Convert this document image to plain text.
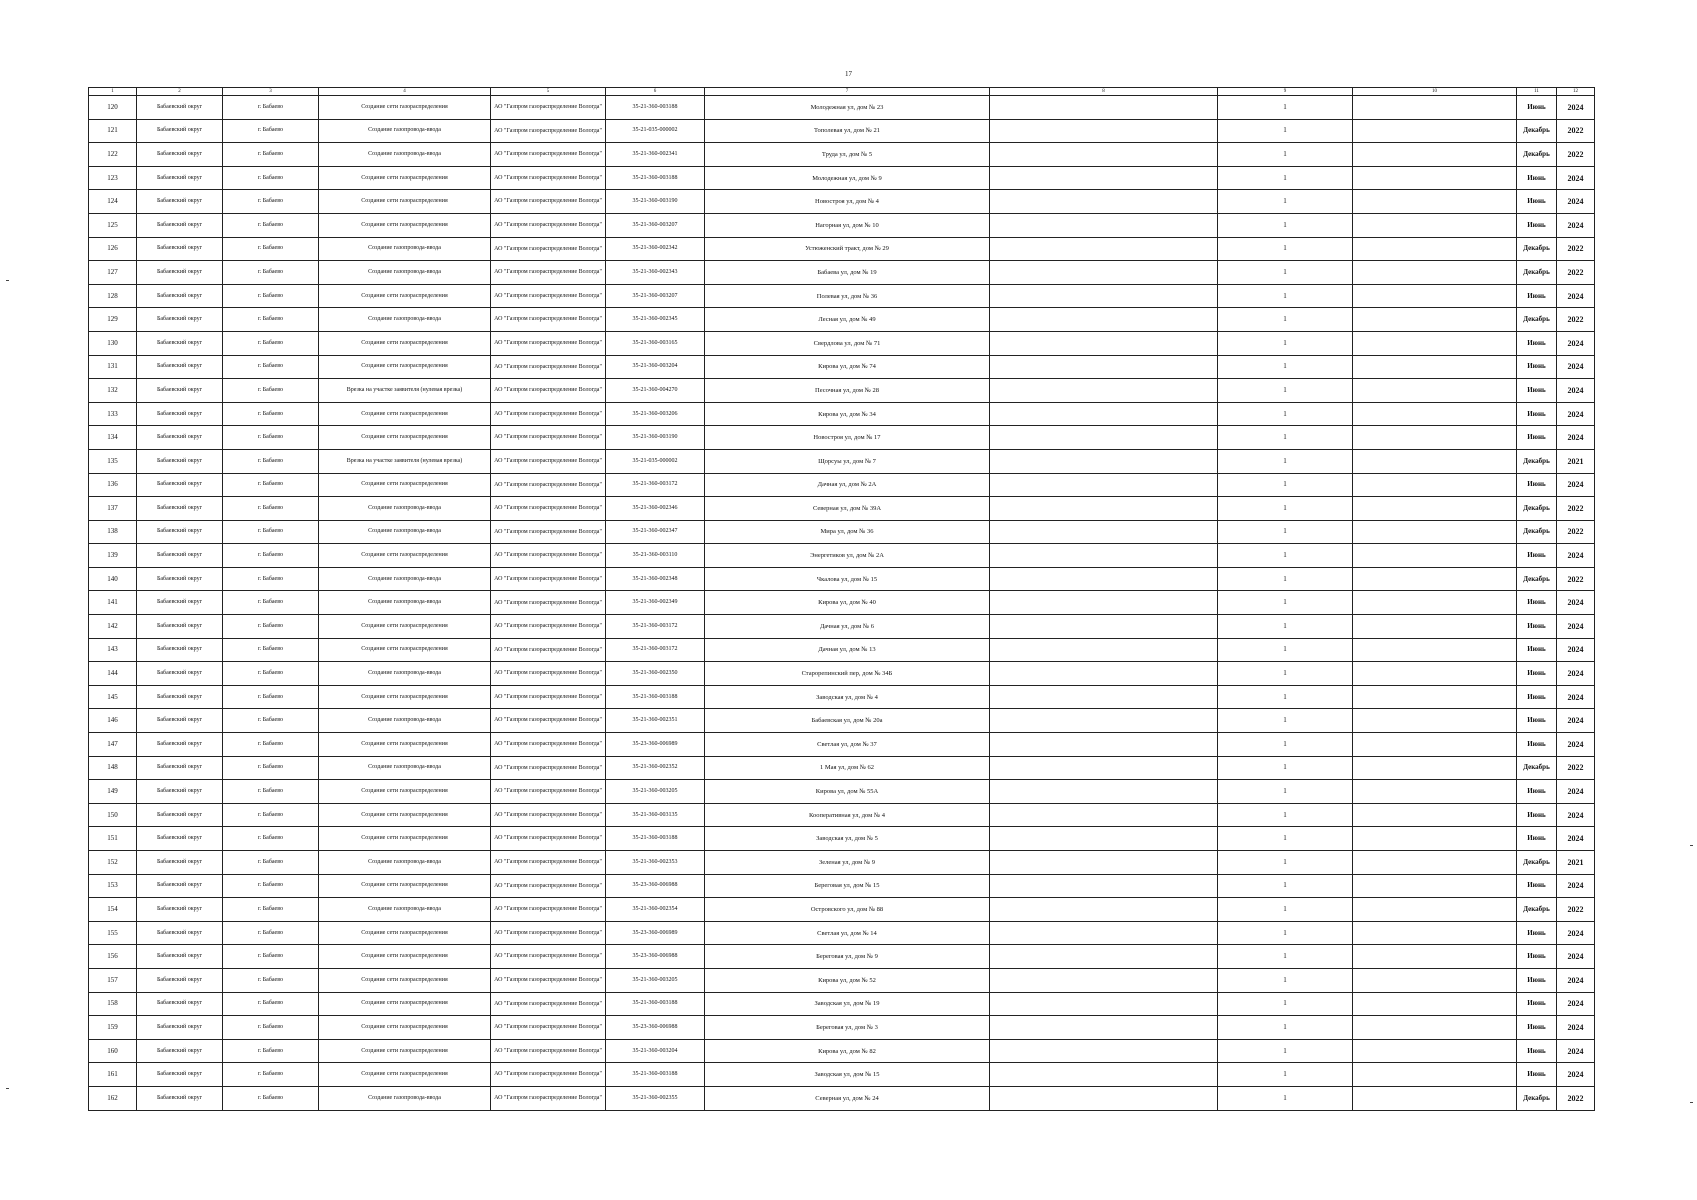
17
1	2	3	4	5	6	7	8	9	10	11	12
120	Бабаевский округ	г. Бабаево	Создание сети газораспределения	АО "Газпром газораспределение Вологда"	35-21-360-003188	Молодежная ул, дом № 23		1		Июнь	2024
121	Бабаевский округ	г. Бабаево	Создание газопровода-ввода	АО "Газпром газораспределение Вологда"	35-21-035-000002	Тополевая ул, дом № 21		1		Декабрь	2022
122	Бабаевский округ	г. Бабаево	Создание газопровода-ввода	АО "Газпром газораспределение Вологда"	35-21-360-002341	Труда ул, дом № 5		1		Декабрь	2022
123	Бабаевский округ	г. Бабаево	Создание сети газораспределения	АО "Газпром газораспределение Вологда"	35-21-360-003188	Молодежная ул, дом № 9		1		Июнь	2024
124	Бабаевский округ	г. Бабаево	Создание сети газораспределения	АО "Газпром газораспределение Вологда"	35-21-360-003190	Новостроя ул, дом № 4		1		Июнь	2024
125	Бабаевский округ	г. Бабаево	Создание сети газораспределения	АО "Газпром газораспределение Вологда"	35-21-360-003207	Нагорная ул, дом № 10		1		Июнь	2024
126	Бабаевский округ	г. Бабаево	Создание газопровода-ввода	АО "Газпром газораспределение Вологда"	35-21-360-002342	Устюженский тракт, дом № 29		1		Декабрь	2022
127	Бабаевский округ	г. Бабаево	Создание газопровода-ввода	АО "Газпром газораспределение Вологда"	35-21-360-002343	Бабаева ул, дом № 19		1		Декабрь	2022
128	Бабаевский округ	г. Бабаево	Создание сети газораспределения	АО "Газпром газораспределение Вологда"	35-21-360-003207	Полевая ул, дом № 36		1		Июнь	2024
129	Бабаевский округ	г. Бабаево	Создание газопровода-ввода	АО "Газпром газораспределение Вологда"	35-21-360-002345	Лесная ул, дом № 49		1		Декабрь	2022
130	Бабаевский округ	г. Бабаево	Создание сети газораспределения	АО "Газпром газораспределение Вологда"	35-21-360-003165	Свердлова ул, дом № 71		1		Июнь	2024
131	Бабаевский округ	г. Бабаево	Создание сети газораспределения	АО "Газпром газораспределение Вологда"	35-21-360-003204	Кирова ул, дом № 74		1		Июнь	2024
132	Бабаевский округ	г. Бабаево	Врезка на участке заявителя (нулевая врезка)	АО "Газпром газораспределение Вологда"	35-21-360-004270	Песочная ул, дом № 28		1		Июнь	2024
133	Бабаевский округ	г. Бабаево	Создание сети газораспределения	АО "Газпром газораспределение Вологда"	35-21-360-003206	Кирова ул, дом № 34		1		Июнь	2024
134	Бабаевский округ	г. Бабаево	Создание сети газораспределения	АО "Газпром газораспределение Вологда"	35-21-360-003190	Новостроя ул, дом № 17		1		Июнь	2024
135	Бабаевский округ	г. Бабаево	Врезка на участке заявителя (нулевая врезка)	АО "Газпром газораспределение Вологда"	35-21-035-000002	Щорсуы ул, дом № 7		1		Декабрь	2021
136	Бабаевский округ	г. Бабаево	Создание сети газораспределения	АО "Газпром газораспределение Вологда"	35-21-360-003172	Дачная ул, дом № 2А		1		Июнь	2024
137	Бабаевский округ	г. Бабаево	Создание газопровода-ввода	АО "Газпром газораспределение Вологда"	35-21-360-002346	Северная ул, дом № 39А		1		Декабрь	2022
138	Бабаевский округ	г. Бабаево	Создание газопровода-ввода	АО "Газпром газораспределение Вологда"	35-21-360-002347	Мира ул, дом № 36		1		Декабрь	2022
139	Бабаевский округ	г. Бабаево	Создание сети газораспределения	АО "Газпром газораспределение Вологда"	35-21-360-003110	Энергетиков ул, дом № 2А		1		Июнь	2024
140	Бабаевский округ	г. Бабаево	Создание газопровода-ввода	АО "Газпром газораспределение Вологда"	35-21-360-002348	Чкалова ул, дом № 15		1		Декабрь	2022
141	Бабаевский округ	г. Бабаево	Создание газопровода-ввода	АО "Газпром газораспределение Вологда"	35-21-360-002349	Кирова ул, дом № 40		1		Июнь	2024
142	Бабаевский округ	г. Бабаево	Создание сети газораспределения	АО "Газпром газораспределение Вологда"	35-21-360-003172	Дачная ул, дом № 6		1		Июнь	2024
143	Бабаевский округ	г. Бабаево	Создание сети газораспределения	АО "Газпром газораспределение Вологда"	35-21-360-003172	Дачная ул, дом № 13		1		Июнь	2024
144	Бабаевский округ	г. Бабаево	Создание газопровода-ввода	АО "Газпром газораспределение Вологда"	35-21-360-002350	Старорепинский пер, дом № 34Б		1		Июнь	2024
145	Бабаевский округ	г. Бабаево	Создание сети газораспределения	АО "Газпром газораспределение Вологда"	35-21-360-003188	Заводская ул, дом № 4		1		Июнь	2024
146	Бабаевский округ	г. Бабаево	Создание газопровода-ввода	АО "Газпром газораспределение Вологда"	35-21-360-002351	Бабаевская ул, дом № 20а		1		Июнь	2024
147	Бабаевский округ	г. Бабаево	Создание сети газораспределения	АО "Газпром газораспределение Вологда"	35-23-360-006989	Светлая ул, дом № 37		1		Июнь	2024
148	Бабаевский округ	г. Бабаево	Создание газопровода-ввода	АО "Газпром газораспределение Вологда"	35-21-360-002352	1 Мая ул, дом № 62		1		Декабрь	2022
149	Бабаевский округ	г. Бабаево	Создание сети газораспределения	АО "Газпром газораспределение Вологда"	35-21-360-003205	Кирова ул, дом № 55А		1		Июнь	2024
150	Бабаевский округ	г. Бабаево	Создание сети газораспределения	АО "Газпром газораспределение Вологда"	35-21-360-003135	Кооперативная ул, дом № 4		1		Июнь	2024
151	Бабаевский округ	г. Бабаево	Создание сети газораспределения	АО "Газпром газораспределение Вологда"	35-21-360-003188	Заводская ул, дом № 5		1		Июнь	2024
152	Бабаевский округ	г. Бабаево	Создание газопровода-ввода	АО "Газпром газораспределение Вологда"	35-21-360-002353	Зеленая ул, дом № 9		1		Декабрь	2021
153	Бабаевский округ	г. Бабаево	Создание сети газораспределения	АО "Газпром газораспределение Вологда"	35-23-360-006988	Береговая ул, дом № 15		1		Июнь	2024
154	Бабаевский округ	г. Бабаево	Создание газопровода-ввода	АО "Газпром газораспределение Вологда"	35-21-360-002354	Островского ул, дом № 88		1		Декабрь	2022
155	Бабаевский округ	г. Бабаево	Создание сети газораспределения	АО "Газпром газораспределение Вологда"	35-23-360-006989	Светлая ул, дом № 14		1		Июнь	2024
156	Бабаевский округ	г. Бабаево	Создание сети газораспределения	АО "Газпром газораспределение Вологда"	35-23-360-006988	Береговая ул, дом № 9		1		Июнь	2024
157	Бабаевский округ	г. Бабаево	Создание сети газораспределения	АО "Газпром газораспределение Вологда"	35-21-360-003205	Кирова ул, дом № 52		1		Июнь	2024
158	Бабаевский округ	г. Бабаево	Создание сети газораспределения	АО "Газпром газораспределение Вологда"	35-21-360-003188	Заводская ул, дом № 19		1		Июнь	2024
159	Бабаевский округ	г. Бабаево	Создание сети газораспределения	АО "Газпром газораспределение Вологда"	35-23-360-006988	Береговая ул, дом № 3		1		Июнь	2024
160	Бабаевский округ	г. Бабаево	Создание сети газораспределения	АО "Газпром газораспределение Вологда"	35-21-360-003204	Кирова ул, дом № 82		1		Июнь	2024
161	Бабаевский округ	г. Бабаево	Создание сети газораспределения	АО "Газпром газораспределение Вологда"	35-21-360-003188	Заводская ул, дом № 15		1		Июнь	2024
162	Бабаевский округ	г. Бабаево	Создание газопровода-ввода	АО "Газпром газораспределение Вологда"	35-21-360-002355	Северная ул, дом № 24		1		Декабрь	2022
